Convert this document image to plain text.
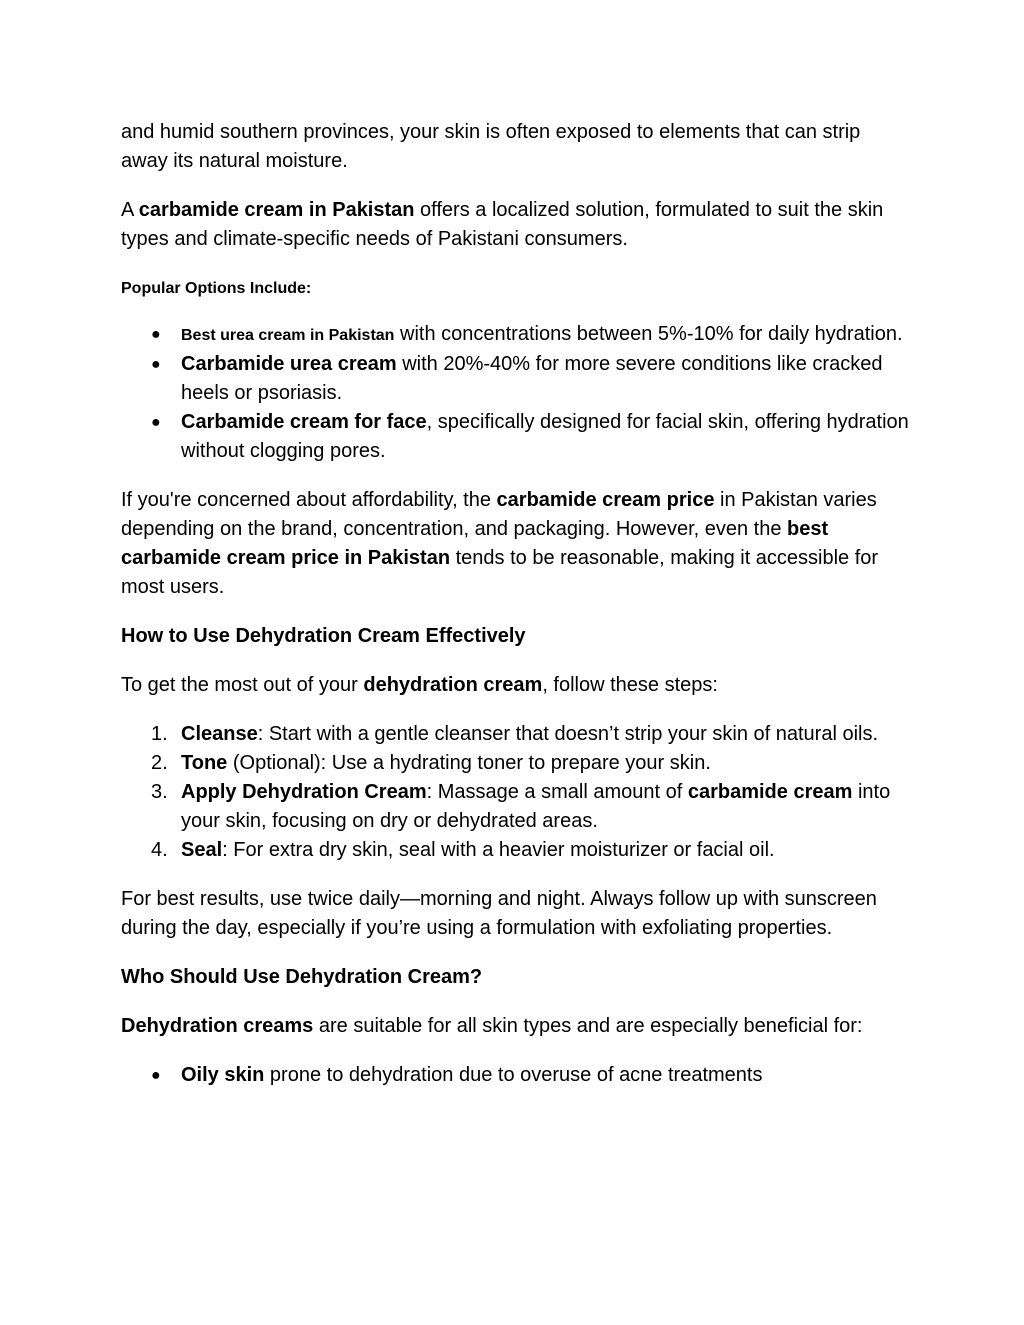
and humid southern provinces, your skin is often exposed to elements that can strip away its natural moisture.

A carbamide cream in Pakistan offers a localized solution, formulated to suit the skin types and climate-specific needs of Pakistani consumers.

Popular Options Include:

● Best urea cream in Pakistan with concentrations between 5%-10% for daily hydration.
● Carbamide urea cream with 20%-40% for more severe conditions like cracked heels or psoriasis.
● Carbamide cream for face, specifically designed for facial skin, offering hydration without clogging pores.

If you're concerned about affordability, the carbamide cream price in Pakistan varies depending on the brand, concentration, and packaging. However, even the best carbamide cream price in Pakistan tends to be reasonable, making it accessible for most users.

How to Use Dehydration Cream Effectively

To get the most out of your dehydration cream, follow these steps:

1. Cleanse: Start with a gentle cleanser that doesn’t strip your skin of natural oils.
2. Tone (Optional): Use a hydrating toner to prepare your skin.
3. Apply Dehydration Cream: Massage a small amount of carbamide cream into your skin, focusing on dry or dehydrated areas.
4. Seal: For extra dry skin, seal with a heavier moisturizer or facial oil.

For best results, use twice daily—morning and night. Always follow up with sunscreen during the day, especially if you’re using a formulation with exfoliating properties.

Who Should Use Dehydration Cream?

Dehydration creams are suitable for all skin types and are especially beneficial for:

● Oily skin prone to dehydration due to overuse of acne treatments
